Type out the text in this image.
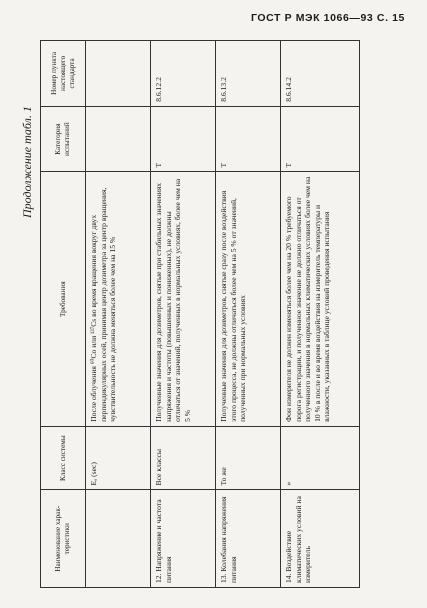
ГОСТ Р МЭК 1066—93 С. 15
Продолжение табл. 1
Наименование харак- теристики	Класс системы	Требования	Категория испытаний	Номер пункта настоящего стандарта
	Eₐ (sec)	После облучения ⁶⁰Co или ¹³⁷Cs во время вращения вокруг двух перпендикулярных осей, принимая центр дозиметра за центр вращения, чувствительность не должна меняться более чем на 15 %		
12. Напряжение и частота питания	Все классы	Полученные значения для дозиметров, снятые при стабильных значениях напряжения и частоты (повышенных и пониженных), не должны отличаться от значений, полученных в нормальных условиях, более чем на 5 %	Т	8.6.12.2
13. Колебания напряжения питания	То же	Полученные значения для дозиметров, снятые сразу после воздействия этого процесса, не должны отличаться более чем на 5 % от значений, полученных при нормальных условиях	Т	8.6.13.2
14. Воздействие климатических условий на измеритель	»	Фон измерителя не должен изменяться более чем на 20 % требуемого порога регистрации, и полученное значение не должно отличаться от полученного значения в нормальных климатических условиях более чем на 10 % в после и во время воздействия на измеритель температуры и влажности, указанных в таблице условий проведения испытания	Т	8.6.14.2
